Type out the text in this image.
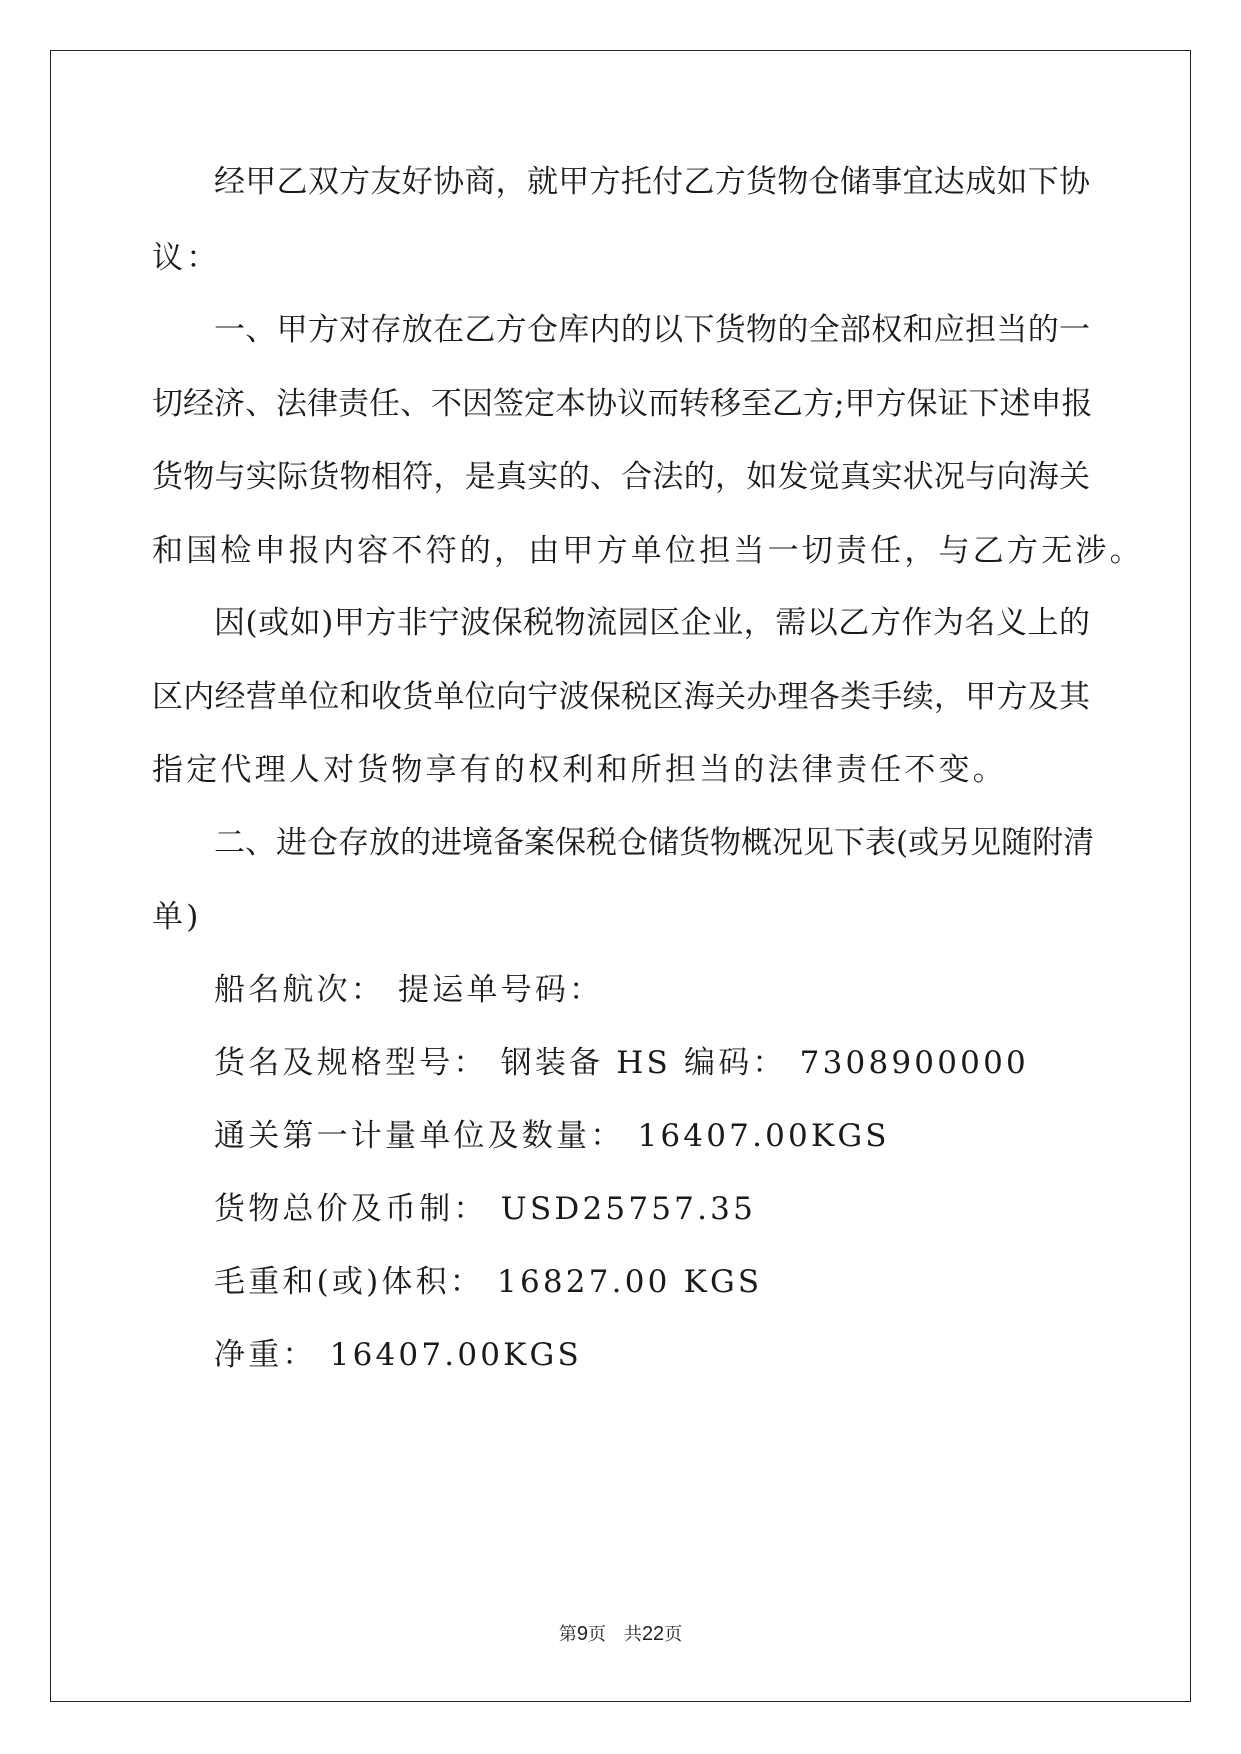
经甲乙双方友好协商，就甲方托付乙方货物仓储事宜达成如下协
议：
一、甲方对存放在乙方仓库内的以下货物的全部权和应担当的一
切经济、法律责任、不因签定本协议而转移至乙方;甲方保证下述申报
货物与实际货物相符，是真实的、合法的，如发觉真实状况与向海关
和国检申报内容不符的，由甲方单位担当一切责任，与乙方无涉。
因(或如)甲方非宁波保税物流园区企业，需以乙方作为名义上的
区内经营单位和收货单位向宁波保税区海关办理各类手续，甲方及其
指定代理人对货物享有的权利和所担当的法律责任不变。
二、进仓存放的进境备案保税仓储货物概况见下表(或另见随附清
单)
船名航次： 提运单号码：
货名及规格型号： 钢装备 HS 编码： 7308900000
通关第一计量单位及数量： 16407.00KGS
货物总价及币制： USD25757.35
毛重和(或)体积： 16827.00 KGS
净重： 16407.00KGS
第9页　共22页
